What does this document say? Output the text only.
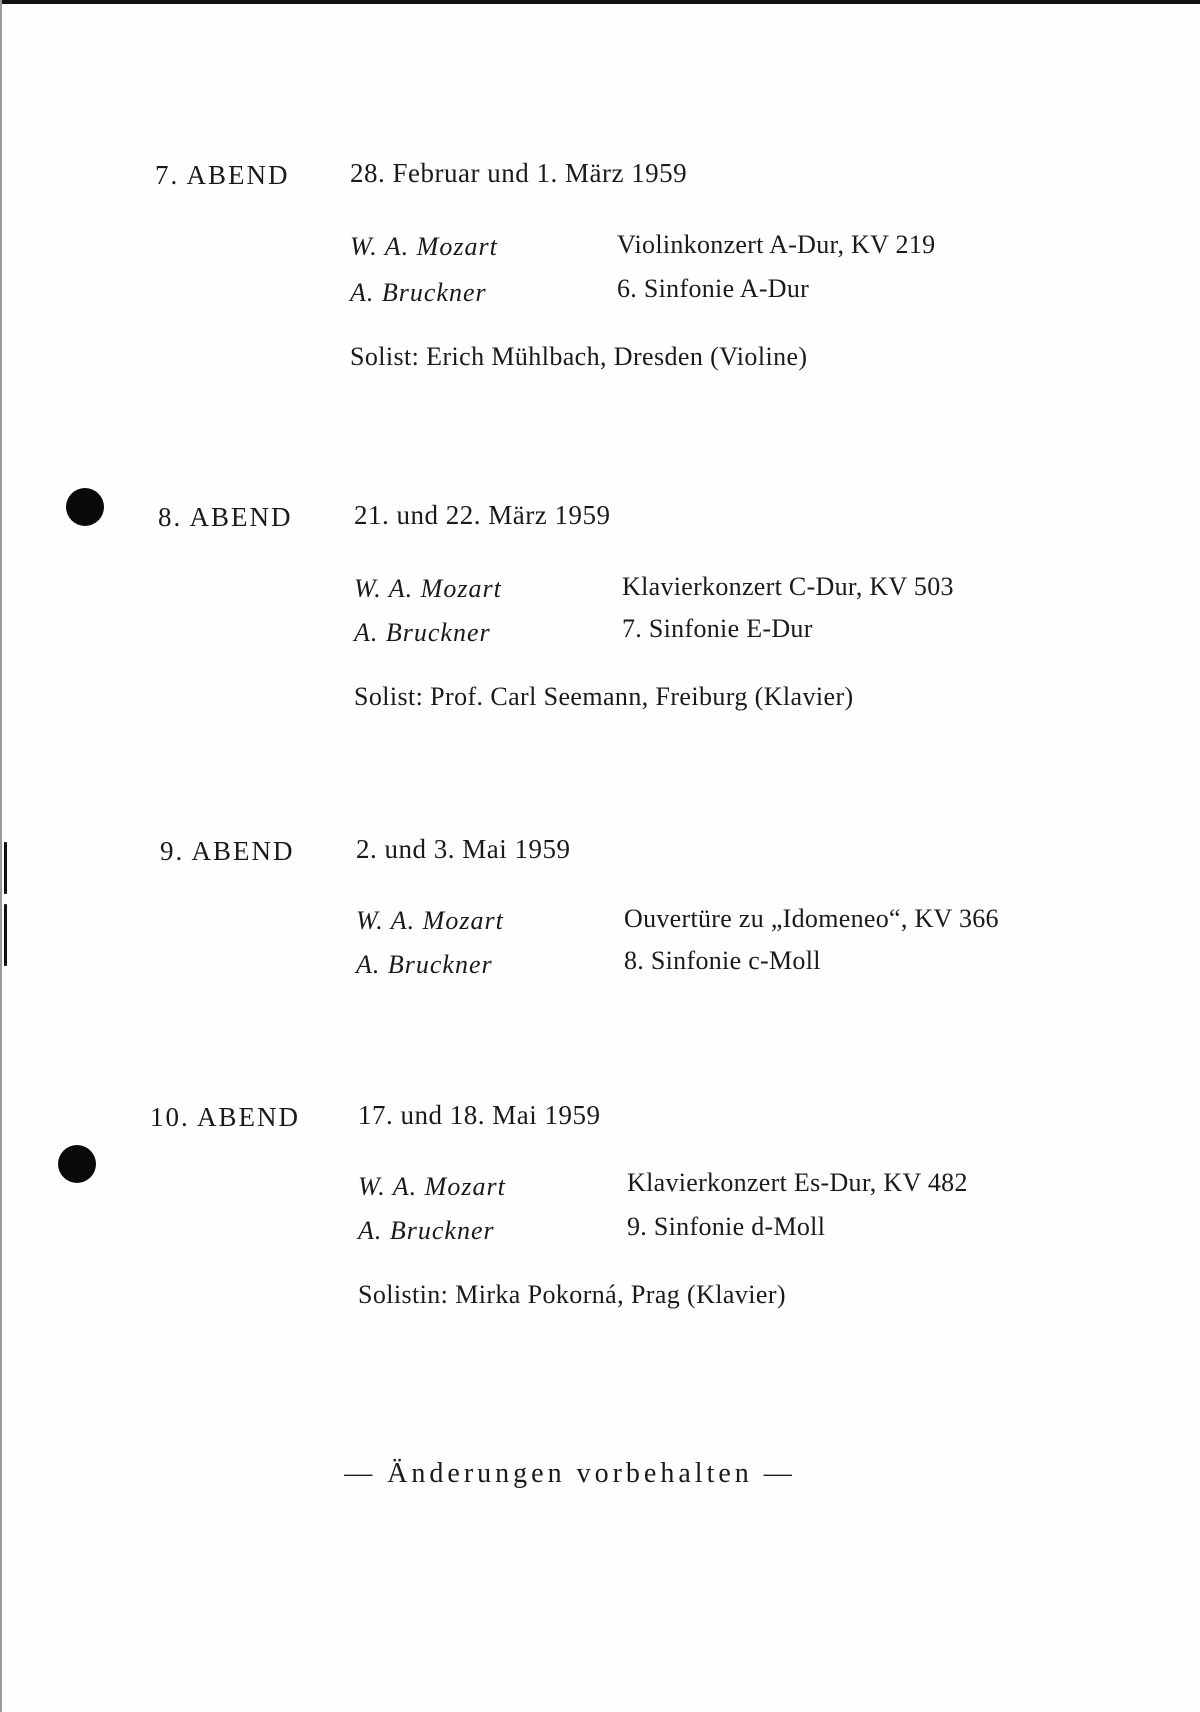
7. ABEND 28. Februar und 1. März 1959
W. A. Mozart	Violinkonzert A-Dur, KV 219
A. Bruckner	6. Sinfonie A-Dur
Solist: Erich Mühlbach, Dresden (Violine)
8. ABEND 21. und 22. März 1959
W. A. Mozart	Klavierkonzert C-Dur, KV 503
A. Bruckner	7. Sinfonie E-Dur
Solist: Prof. Carl Seemann, Freiburg (Klavier)
9. ABEND 2. und 3. Mai 1959
W. A. Mozart	Ouvertüre zu „Idomeneo“, KV 366
A. Bruckner	8. Sinfonie c-Moll
10. ABEND 17. und 18. Mai 1959
W. A. Mozart	Klavierkonzert Es-Dur, KV 482
A. Bruckner	9. Sinfonie d-Moll
Solistin: Mirka Pokorná, Prag (Klavier)
— Änderungen vorbehalten —
